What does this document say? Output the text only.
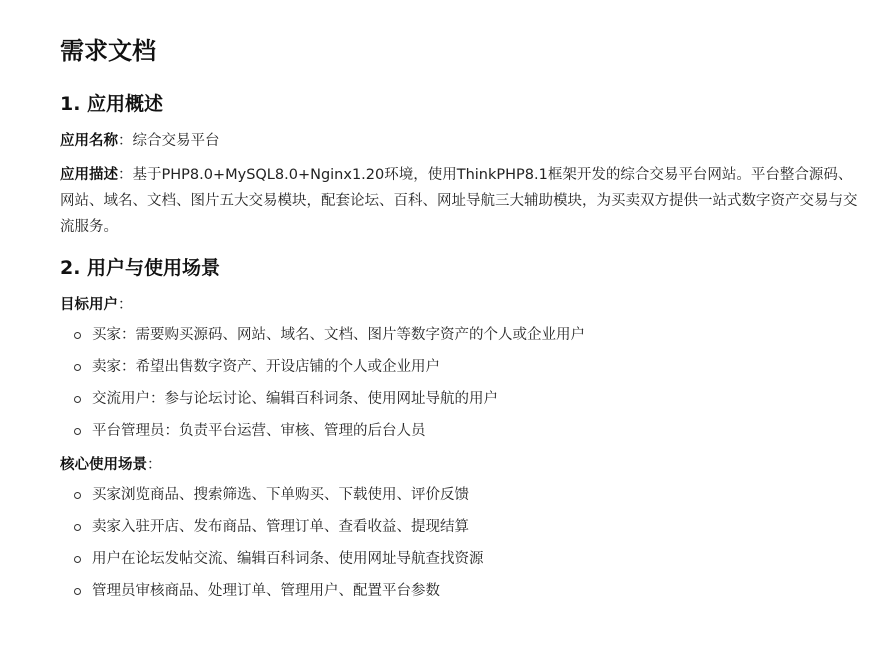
需求文档
1. 应用概述

应用名称：综合交易平台

应用描述：基于PHP8.0+MySQL8.0+Nginx1.20环境，使用ThinkPHP8.1框架开发的综合交易平台网站。平台整合源码、网站、域名、文档、图片五大交易模块，配套论坛、百科、网址导航三大辅助模块，为买卖双方提供一站式数字资产交易与交流服务。

2. 用户与使用场景

目标用户：

买家：需要购买源码、网站、域名、文档、图片等数字资产的个人或企业用户
卖家：希望出售数字资产、开设店铺的个人或企业用户
交流用户：参与论坛讨论、编辑百科词条、使用网址导航的用户
平台管理员：负责平台运营、审核、管理的后台人员

核心使用场景：

买家浏览商品、搜索筛选、下单购买、下载使用、评价反馈
卖家入驻开店、发布商品、管理订单、查看收益、提现结算
用户在论坛发帖交流、编辑百科词条、使用网址导航查找资源
管理员审核商品、处理订单、管理用户、配置平台参数
